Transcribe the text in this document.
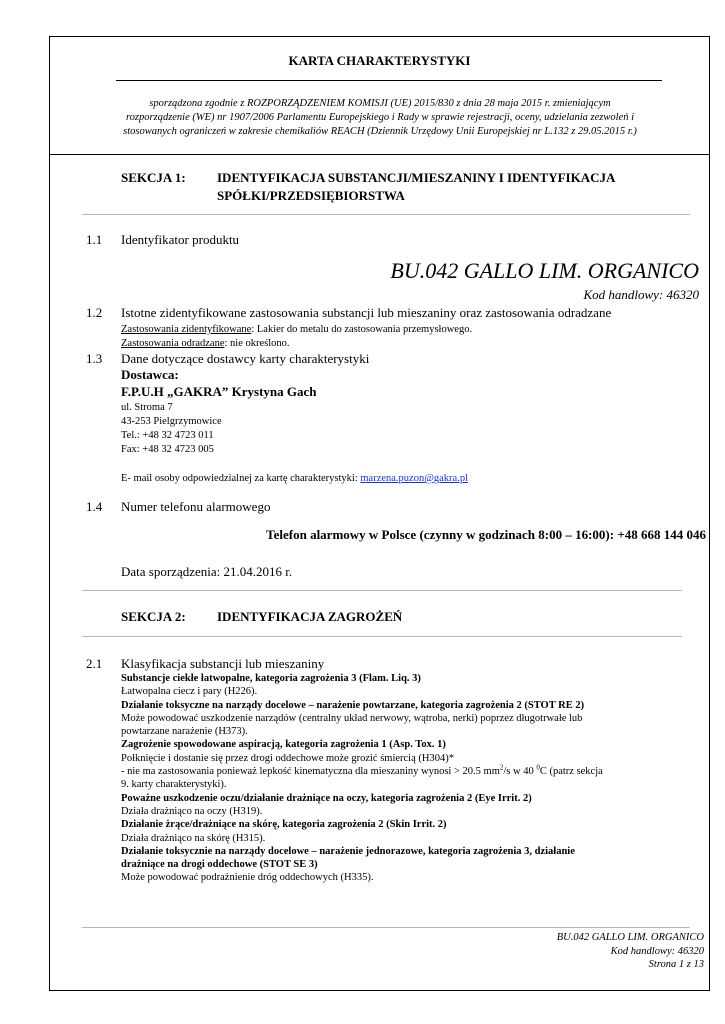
KARTA CHARAKTERYSTYKI
sporządzona zgodnie z ROZPORZĄDZENIEM KOMISJI (UE) 2015/830 z dnia 28 maja 2015 r. zmieniającym
rozporządzenie (WE) nr 1907/2006 Parlamentu Europejskiego i Rady w sprawie rejestracji, oceny, udzielania zezwoleń i
stosowanych ograniczeń w zakresie chemikaliów REACH (Dziennik Urzędowy Unii Europejskiej nr L.132 z 29.05.2015 r.)
SEKCJA 1: IDENTYFIKACJA SUBSTANCJI/MIESZANINY I IDENTYFIKACJA
SPÓŁKI/PRZEDSIĘBIORSTWA
1.1 Identyfikator produktu
BU.042 GALLO LIM. ORGANICO
Kod handlowy: 46320
1.2 Istotne zidentyfikowane zastosowania substancji lub mieszaniny oraz zastosowania odradzane
Zastosowania zidentyfikowane: Lakier do metalu do zastosowania przemysłowego.
Zastosowania odradzane: nie określono.
1.3 Dane dotyczące dostawcy karty charakterystyki
Dostawca:
F.P.U.H „GAKRA” Krystyna Gach
ul. Stroma 7
43-253 Pielgrzymowice
Tel.: +48 32 4723 011
Fax: +48 32 4723 005
E- mail osoby odpowiedzialnej za kartę charakterystyki: marzena.puzon@gakra.pl
1.4 Numer telefonu alarmowego
Telefon alarmowy w Polsce (czynny w godzinach 8:00 – 16:00): +48 668 144 046
Data sporządzenia: 21.04.2016 r.
SEKCJA 2: IDENTYFIKACJA ZAGROŻEŃ
2.1 Klasyfikacja substancji lub mieszaniny

Substancje ciekłe łatwopalne, kategoria zagrożenia 3 (Flam. Liq. 3)

Łatwopalna ciecz i pary (H226).

Działanie toksyczne na narządy docelowe – narażenie powtarzane, kategoria zagrożenia 2 (STOT RE 2)

Może powodować uszkodzenie narządów (centralny układ nerwowy, wątroba, nerki) poprzez długotrwałe lub

powtarzane narażenie (H373).

Zagrożenie spowodowane aspiracją, kategoria zagrożenia 1 (Asp. Tox. 1)

Połknięcie i dostanie się przez drogi oddechowe może grozić śmiercią (H304)*

- nie ma zastosowania ponieważ lepkość kinematyczna dla mieszaniny wynosi > 20.5 $mm^2/s$ w 40 $^0$C (patrz sekcja

9. karty charakterystyki).

Poważne uszkodzenie oczu/działanie drażniące na oczy, kategoria zagrożenia 2 (Eye Irrit. 2)

Działa drażniąco na oczy (H319).

Działanie żrące/drażniące na skórę, kategoria zagrożenia 2 (Skin Irrit. 2)

Działa drażniąco na skórę (H315).

Działanie toksycznie na narządy docelowe – narażenie jednorazowe, kategoria zagrożenia 3, działanie

drażniące na drogi oddechowe (STOT SE 3)

Może powodować podrażnienie dróg oddechowych (H335).

BU.042 GALLO LIM. ORGANICO
Kod handlowy: 46320
Strona 1 z 13
